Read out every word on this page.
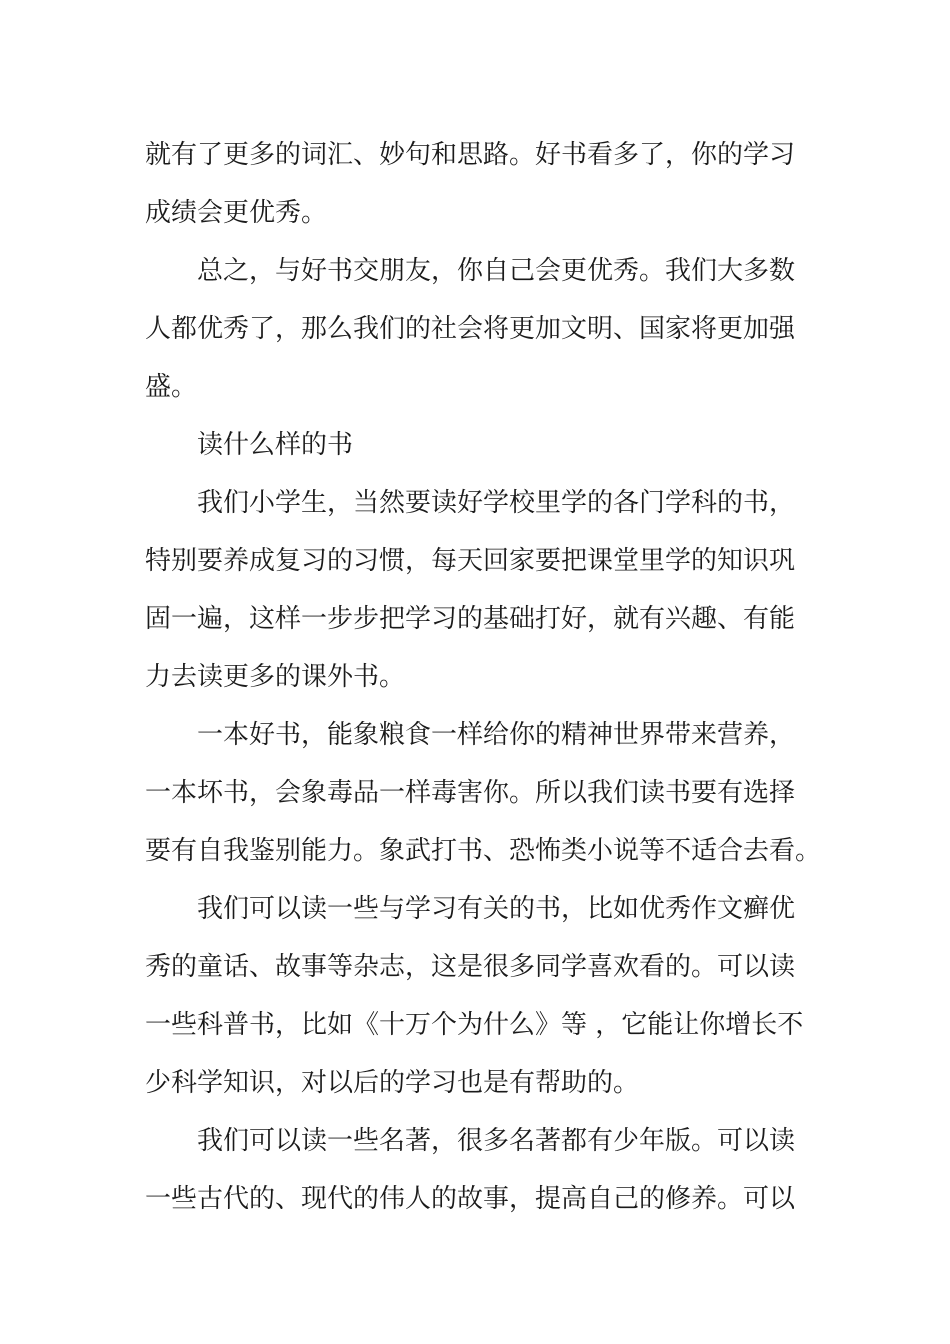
就有了更多的词汇、妙句和思路。好书看多了，你的学习
成绩会更优秀。
总之，与好书交朋友，你自己会更优秀。我们大多数
人都优秀了，那么我们的社会将更加文明、国家将更加强
盛。
读什么样的书
我们小学生，当然要读好学校里学的各门学科的书，
特别要养成复习的习惯，每天回家要把课堂里学的知识巩
固一遍，这样一步步把学习的基础打好，就有兴趣、有能
力去读更多的课外书。
一本好书，能象粮食一样给你的精神世界带来营养，
一本坏书，会象毒品一样毒害你。所以我们读书要有选择
要有自我鉴别能力。象武打书、恐怖类小说等不适合去看。
我们可以读一些与学习有关的书，比如优秀作文癣优
秀的童话、故事等杂志，这是很多同学喜欢看的。可以读
一些科普书，比如《十万个为什么》等 ，它能让你增长不
少科学知识，对以后的学习也是有帮助的。
我们可以读一些名著，很多名著都有少年版。可以读
一些古代的、现代的伟人的故事，提高自己的修养。可以
